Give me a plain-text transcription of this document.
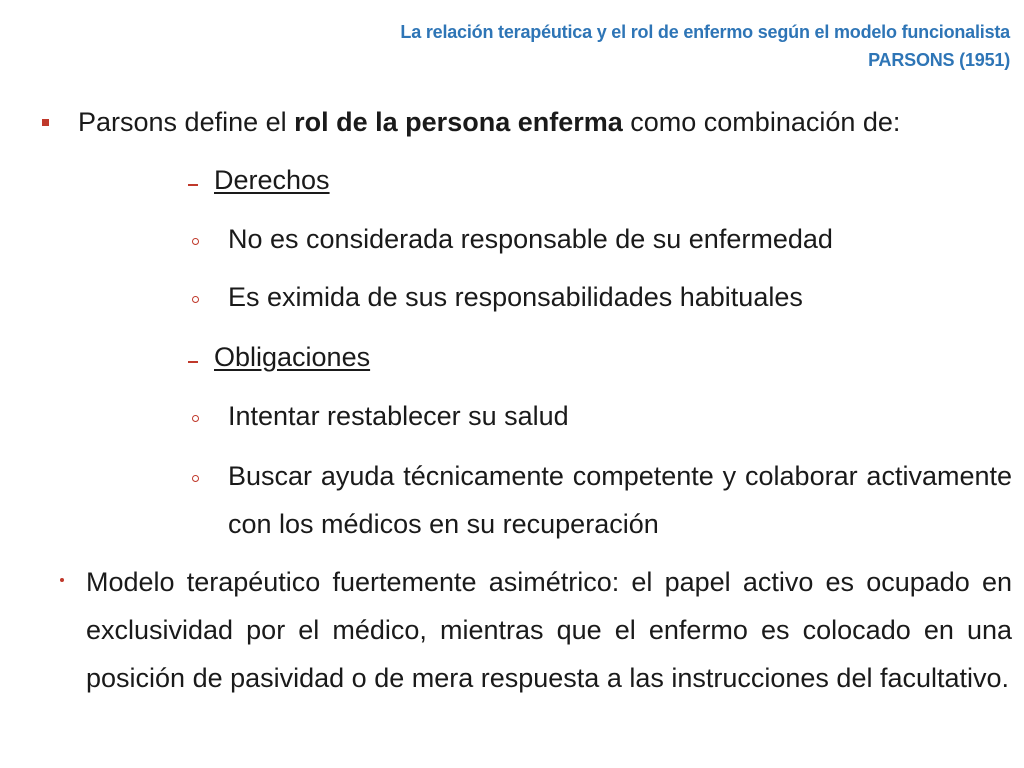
La relación terapéutica y el rol de enfermo según el modelo funcionalista
PARSONS (1951)
Parsons define el rol de la persona enferma como combinación de:
Derechos
No es considerada responsable de su enfermedad
Es eximida de sus responsabilidades habituales
Obligaciones
Intentar restablecer su salud
Buscar ayuda técnicamente competente y colaborar activamente con los médicos en su recuperación
Modelo terapéutico fuertemente asimétrico: el papel activo es ocupado en exclusividad por el médico, mientras que el enfermo es colocado en una posición de pasividad o de mera respuesta a las instrucciones del facultativo.
